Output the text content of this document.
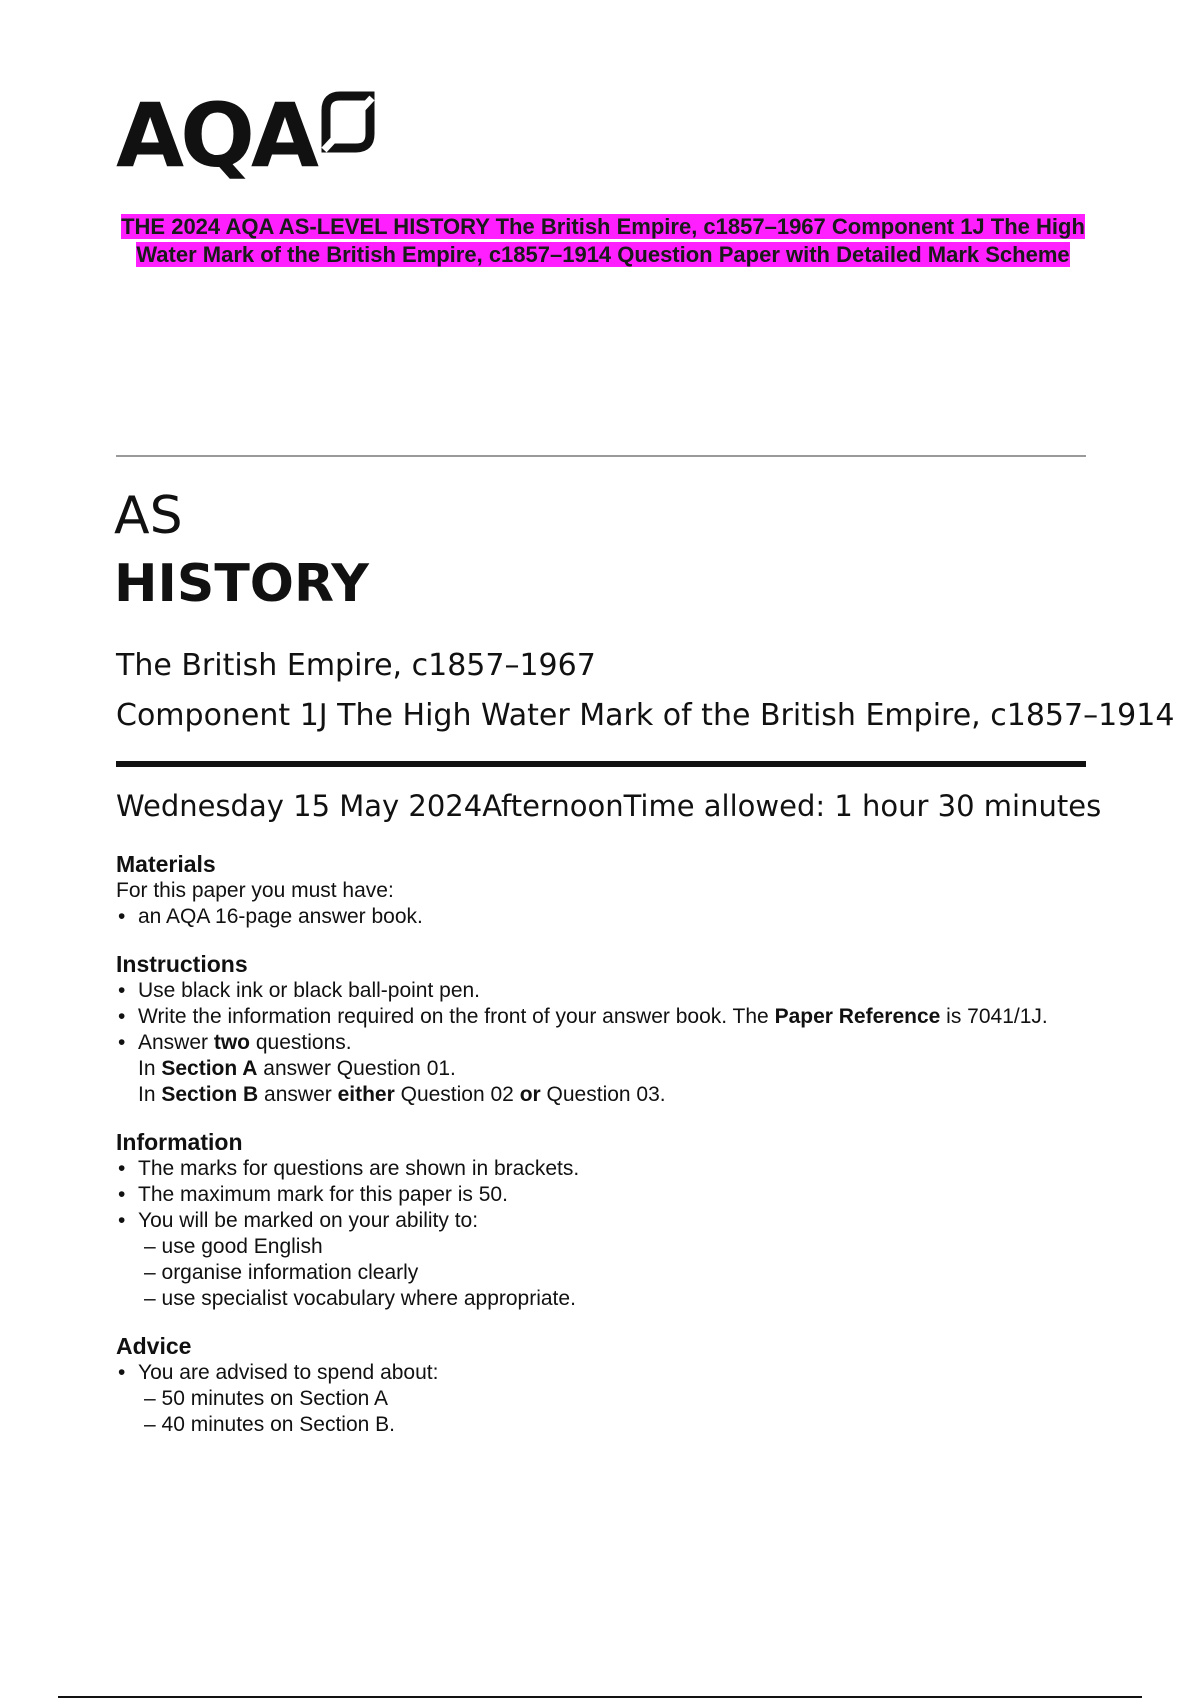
AQA
THE 2024 AQA AS-LEVEL HISTORY The British Empire, c1857–1967 Component 1J The High Water Mark of the British Empire, c1857–1914 Question Paper with Detailed Mark Scheme
AS
HISTORY
The British Empire, c1857–1967
Component 1J The High Water Mark of the British Empire, c1857–1914
Wednesday 15 May 2024 Afternoon Time allowed: 1 hour 30 minutes
Materials

For this paper you must have:

• an AQA 16-page answer book.
Instructions
• Use black ink or black ball-point pen.
• Write the information required on the front of your answer book. The Paper Reference is 7041/1J.
• Answer two questions.
In Section A answer Question 01.
In Section B answer either Question 02 or Question 03.
Information
• The marks for questions are shown in brackets.
• The maximum mark for this paper is 50.
• You will be marked on your ability to:
– use good English
– organise information clearly
– use specialist vocabulary where appropriate.
Advice
• You are advised to spend about:
– 50 minutes on Section A
– 40 minutes on Section B.
